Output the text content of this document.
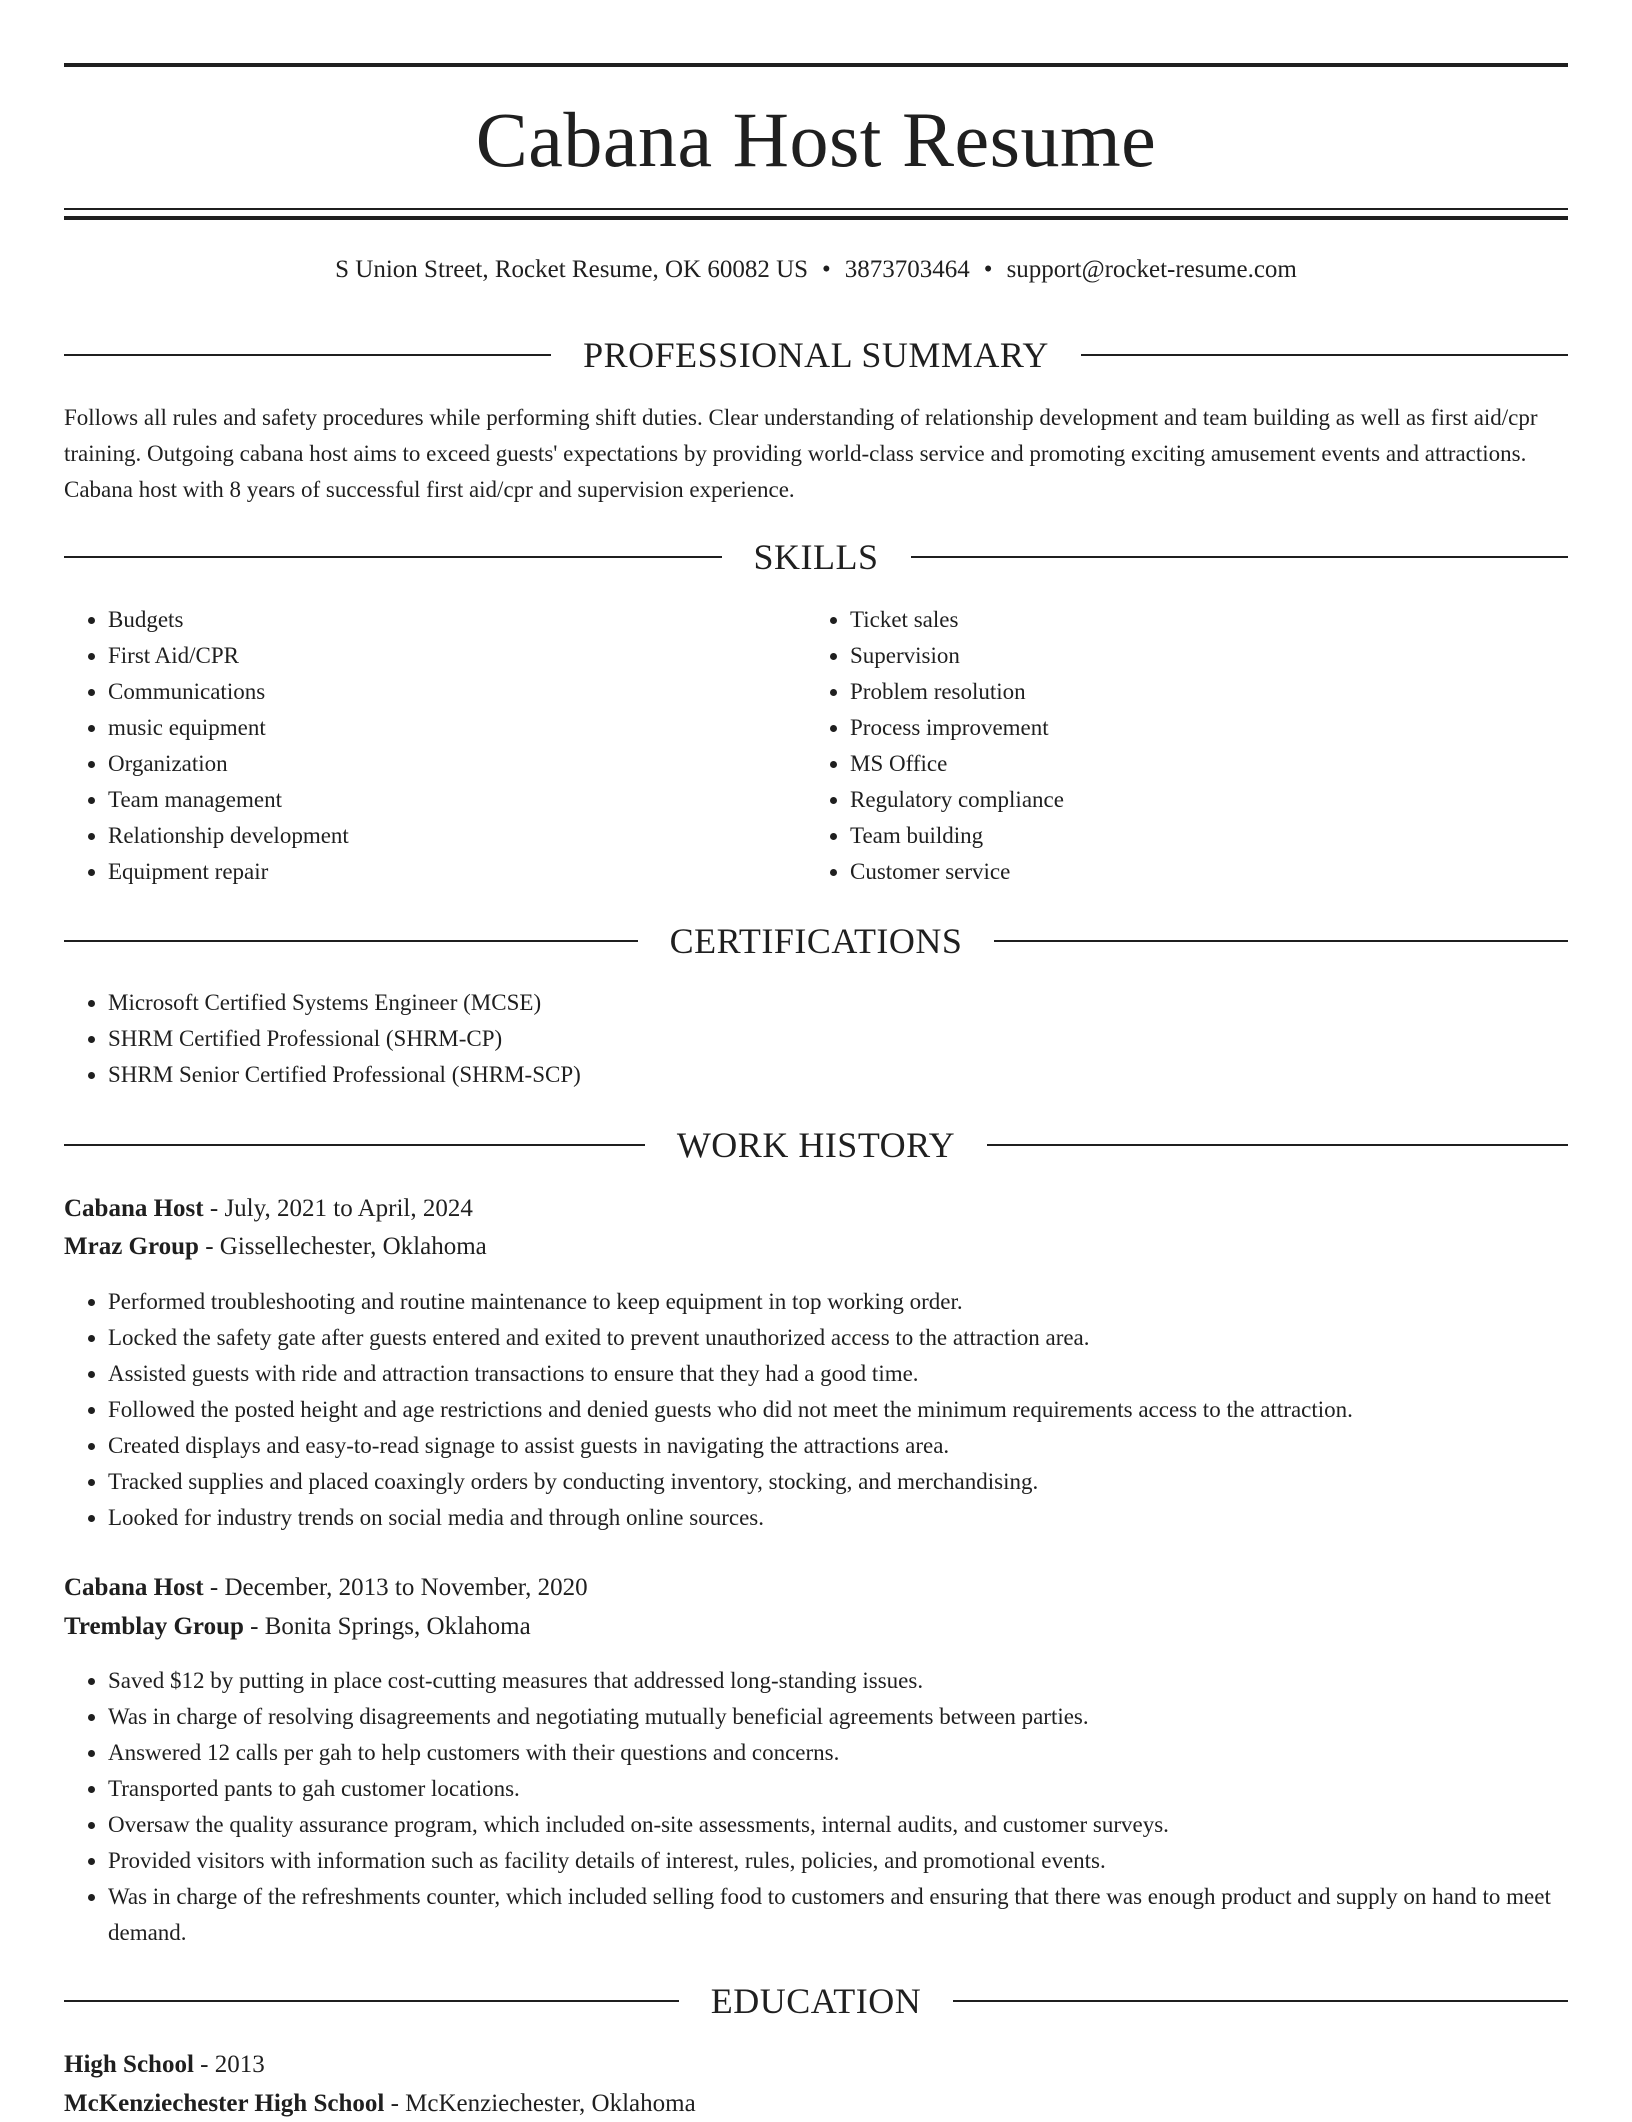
Cabana Host Resume
S Union Street, Rocket Resume, OK 60082 US • 3873703464 • support@rocket-resume.com
PROFESSIONAL SUMMARY
Follows all rules and safety procedures while performing shift duties. Clear understanding of relationship development and team building as well as first aid/cpr training. Outgoing cabana host aims to exceed guests' expectations by providing world-class service and promoting exciting amusement events and attractions. Cabana host with 8 years of successful first aid/cpr and supervision experience.
SKILLS
• Budgets
• First Aid/CPR
• Communications
• music equipment
• Organization
• Team management
• Relationship development
• Equipment repair
• Ticket sales
• Supervision
• Problem resolution
• Process improvement
• MS Office
• Regulatory compliance
• Team building
• Customer service
CERTIFICATIONS
• Microsoft Certified Systems Engineer (MCSE)
• SHRM Certified Professional (SHRM-CP)
• SHRM Senior Certified Professional (SHRM-SCP)
WORK HISTORY
Cabana Host - July, 2021 to April, 2024
Mraz Group - Gissellechester, Oklahoma
• Performed troubleshooting and routine maintenance to keep equipment in top working order.
• Locked the safety gate after guests entered and exited to prevent unauthorized access to the attraction area.
• Assisted guests with ride and attraction transactions to ensure that they had a good time.
• Followed the posted height and age restrictions and denied guests who did not meet the minimum requirements access to the attraction.
• Created displays and easy-to-read signage to assist guests in navigating the attractions area.
• Tracked supplies and placed coaxingly orders by conducting inventory, stocking, and merchandising.
• Looked for industry trends on social media and through online sources.
Cabana Host - December, 2013 to November, 2020
Tremblay Group - Bonita Springs, Oklahoma
• Saved $12 by putting in place cost-cutting measures that addressed long-standing issues.
• Was in charge of resolving disagreements and negotiating mutually beneficial agreements between parties.
• Answered 12 calls per gah to help customers with their questions and concerns.
• Transported pants to gah customer locations.
• Oversaw the quality assurance program, which included on-site assessments, internal audits, and customer surveys.
• Provided visitors with information such as facility details of interest, rules, policies, and promotional events.
• Was in charge of the refreshments counter, which included selling food to customers and ensuring that there was enough product and supply on hand to meet demand.
EDUCATION
High School - 2013
McKenziechester High School - McKenziechester, Oklahoma
